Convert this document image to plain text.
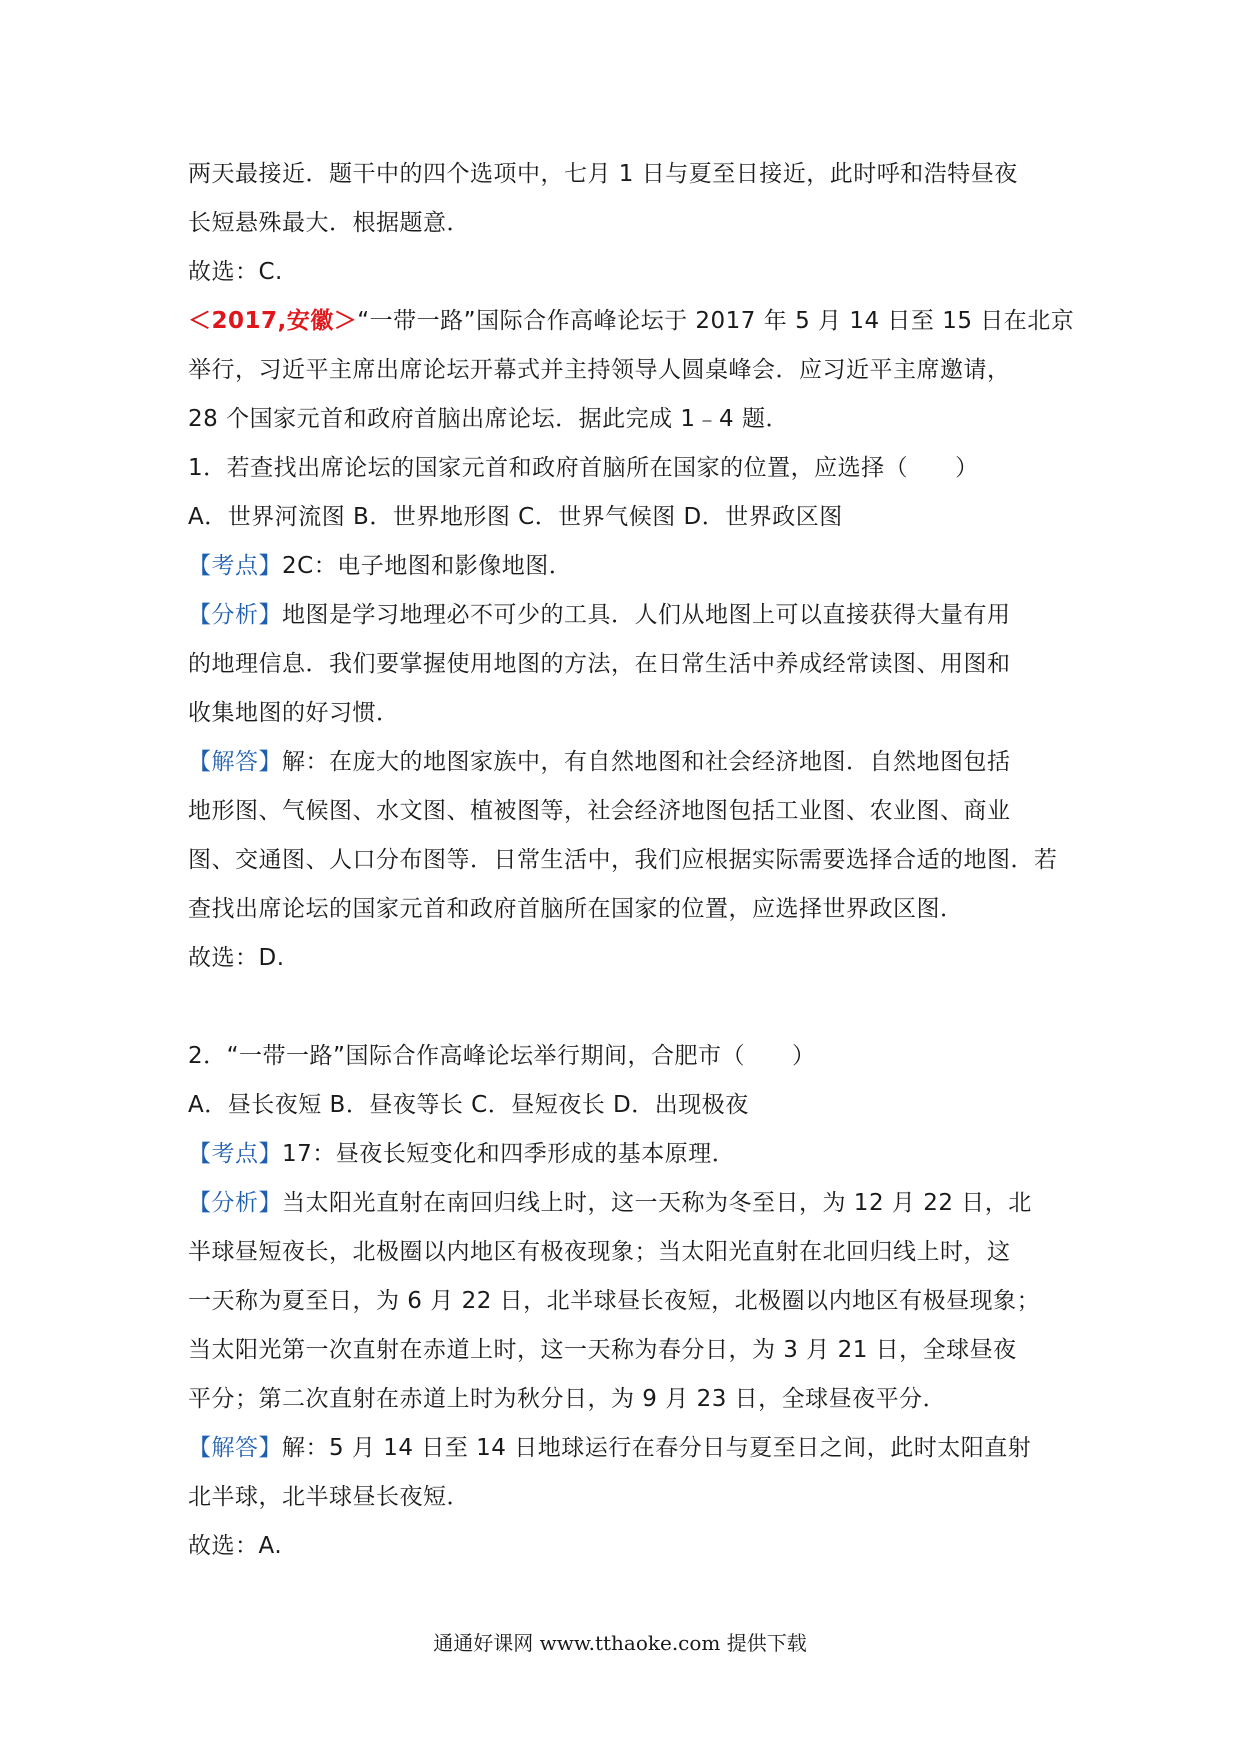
两天最接近．题干中的四个选项中，七月 1 日与夏至日接近，此时呼和浩特昼夜
长短悬殊最大．根据题意．
故选：C.
＜2017,安徽＞“一带一路”国际合作高峰论坛于 2017 年 5 月 14 日至 15 日在北京
举行，习近平主席出席论坛开幕式并主持领导人圆桌峰会．应习近平主席邀请，
28 个国家元首和政府首脑出席论坛．据此完成 1﹣4 题．
1．若查找出席论坛的国家元首和政府首脑所在国家的位置，应选择（　　）
A．世界河流图 B．世界地形图 C．世界气候图 D．世界政区图
【考点】2C：电子地图和影像地图．
【分析】地图是学习地理必不可少的工具．人们从地图上可以直接获得大量有用
的地理信息．我们要掌握使用地图的方法，在日常生活中养成经常读图、用图和
收集地图的好习惯．
【解答】解：在庞大的地图家族中，有自然地图和社会经济地图．自然地图包括
地形图、气候图、水文图、植被图等，社会经济地图包括工业图、农业图、商业
图、交通图、人口分布图等．日常生活中，我们应根据实际需要选择合适的地图．若
查找出席论坛的国家元首和政府首脑所在国家的位置，应选择世界政区图．
故选：D.
2．“一带一路”国际合作高峰论坛举行期间，合肥市（　　）
A．昼长夜短 B．昼夜等长 C．昼短夜长 D．出现极夜
【考点】17：昼夜长短变化和四季形成的基本原理．
【分析】当太阳光直射在南回归线上时，这一天称为冬至日，为 12 月 22 日，北
半球昼短夜长，北极圈以内地区有极夜现象；当太阳光直射在北回归线上时，这
一天称为夏至日，为 6 月 22 日，北半球昼长夜短，北极圈以内地区有极昼现象；
当太阳光第一次直射在赤道上时，这一天称为春分日，为 3 月 21 日，全球昼夜
平分；第二次直射在赤道上时为秋分日，为 9 月 23 日，全球昼夜平分．
【解答】解：5 月 14 日至 14 日地球运行在春分日与夏至日之间，此时太阳直射
北半球，北半球昼长夜短．
故选：A.
通通好课网 www.tthaoke.com 提供下载
